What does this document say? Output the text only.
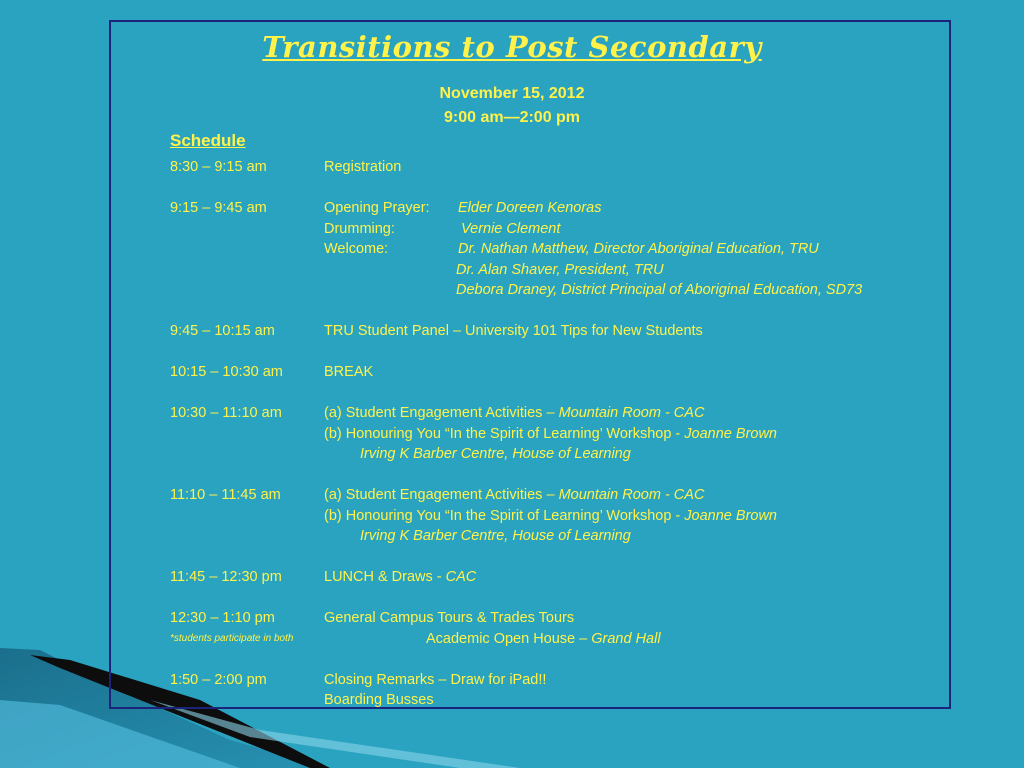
Transitions to Post Secondary
November 15, 2012
9:00 am—2:00 pm
Schedule
8:30 – 9:15 am	Registration
9:15 – 9:45 am	Opening Prayer: Elder Doreen Kenoras
Drumming:	Vernie Clement
Welcome:	Dr. Nathan Matthew, Director Aboriginal Education, TRU
Dr. Alan Shaver, President, TRU
Debora Draney, District Principal of Aboriginal Education, SD73
9:45 – 10:15 am	TRU Student Panel – University 101 Tips for New Students
10:15 – 10:30 am	BREAK
10:30 – 11:10 am	(a) Student Engagement Activities – Mountain Room - CAC
(b) Honouring You “In the Spirit of Learning’ Workshop - Joanne Brown
Irving K Barber Centre, House of Learning
11:10 – 11:45 am	(a) Student Engagement Activities – Mountain Room - CAC
(b) Honouring You “In the Spirit of Learning’ Workshop - Joanne Brown
Irving K Barber Centre, House of Learning
11:45 – 12:30 pm	LUNCH & Draws - CAC
12:30 – 1:10 pm	General Campus Tours & Trades Tours
*students participate in both	Academic Open House – Grand Hall
1:50 – 2:00 pm	Closing Remarks – Draw for iPad!!
Boarding Busses
